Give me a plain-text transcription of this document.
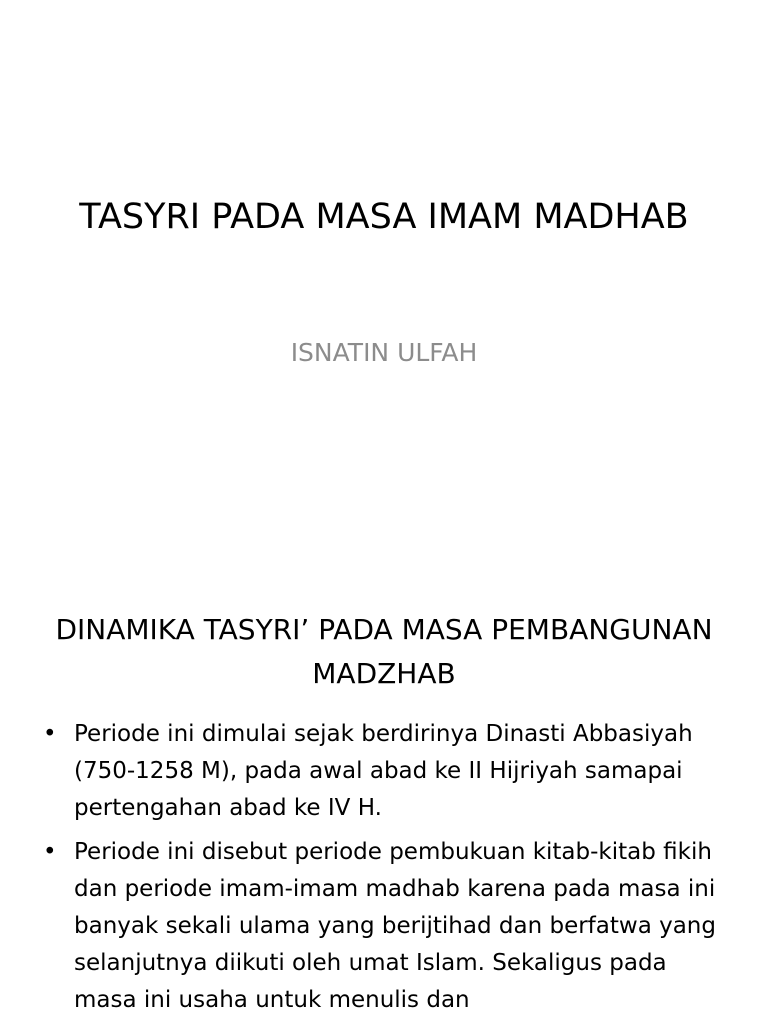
TASYRI PADA MASA IMAM MADHAB

ISNATIN ULFAH

DINAMIKA TASYRI’ PADA MASA PEMBANGUNAN MADZHAB
• Periode ini dimulai sejak berdirinya Dinasti Abbasiyah (750-1258 M), pada awal abad ke II Hijriyah samapai pertengahan abad ke IV H.
• Periode ini disebut periode pembukuan kitab-kitab fikih dan periode imam-imam madhab karena pada masa ini banyak sekali ulama yang berijtihad dan berfatwa yang selanjutnya diikuti oleh umat Islam. Sekaligus pada masa ini usaha untuk menulis dan
